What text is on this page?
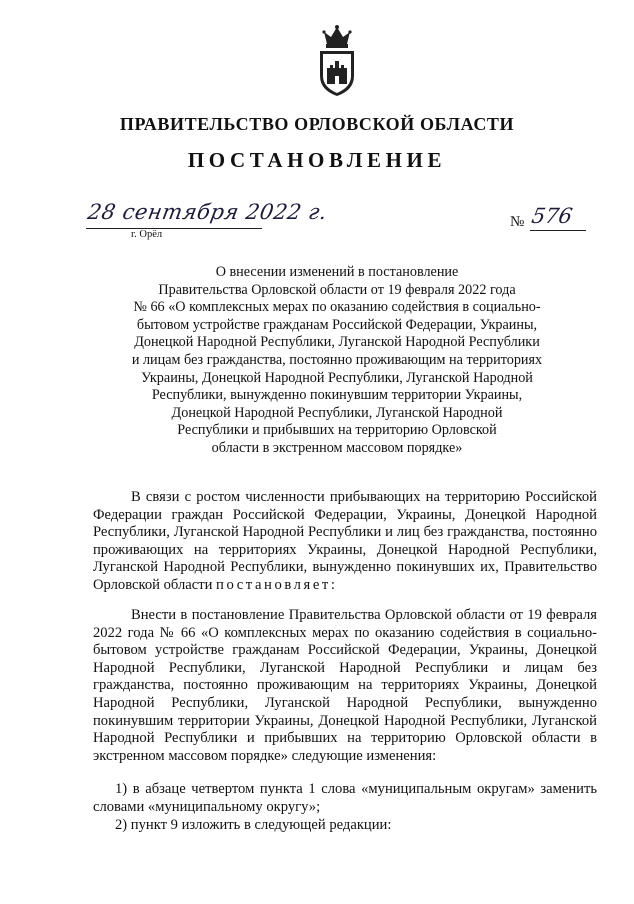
ПРАВИТЕЛЬСТВО ОРЛОВСКОЙ ОБЛАСТИ
ПОСТАНОВЛЕНИЕ
28 сентября 2022 г.
г. Орёл
№ 576
О внесении изменений в постановление
Правительства Орловской области от 19 февраля 2022 года
№ 66 «О комплексных мерах по оказанию содействия в социально-
бытовом устройстве гражданам Российской Федерации, Украины,
Донецкой Народной Республики, Луганской Народной Республики
и лицам без гражданства, постоянно проживающим на территориях
Украины, Донецкой Народной Республики, Луганской Народной
Республики, вынужденно покинувшим территории Украины,
Донецкой Народной Республики, Луганской Народной
Республики и прибывших на территорию Орловской
области в экстренном массовом порядке»

В связи с ростом численности прибывающих на территорию Российской Федерации граждан Российской Федерации, Украины, Донецкой Народной Республики, Луганской Народной Республики и лиц без гражданства, постоянно проживающих на территориях Украины, Донецкой Народной Республики, Луганской Народной Республики, вынужденно покинувших их, Правительство Орловской области постановляет:

Внести в постановление Правительства Орловской области от 19 февраля 2022 года № 66 «О комплексных мерах по оказанию содействия в социально-бытовом устройстве гражданам Российской Федерации, Украины, Донецкой Народной Республики, Луганской Народной Республики и лицам без гражданства, постоянно проживающим на территориях Украины, Донецкой Народной Республики, Луганской Народной Республики, вынужденно покинувшим территории Украины, Донецкой Народной Республики, Луганской Народной Республики и прибывших на территорию Орловской области в экстренном массовом порядке» следующие изменения:

1) в абзаце четвертом пункта 1 слова «муниципальным округам» заменить словами «муниципальному округу»;

2) пункт 9 изложить в следующей редакции:
